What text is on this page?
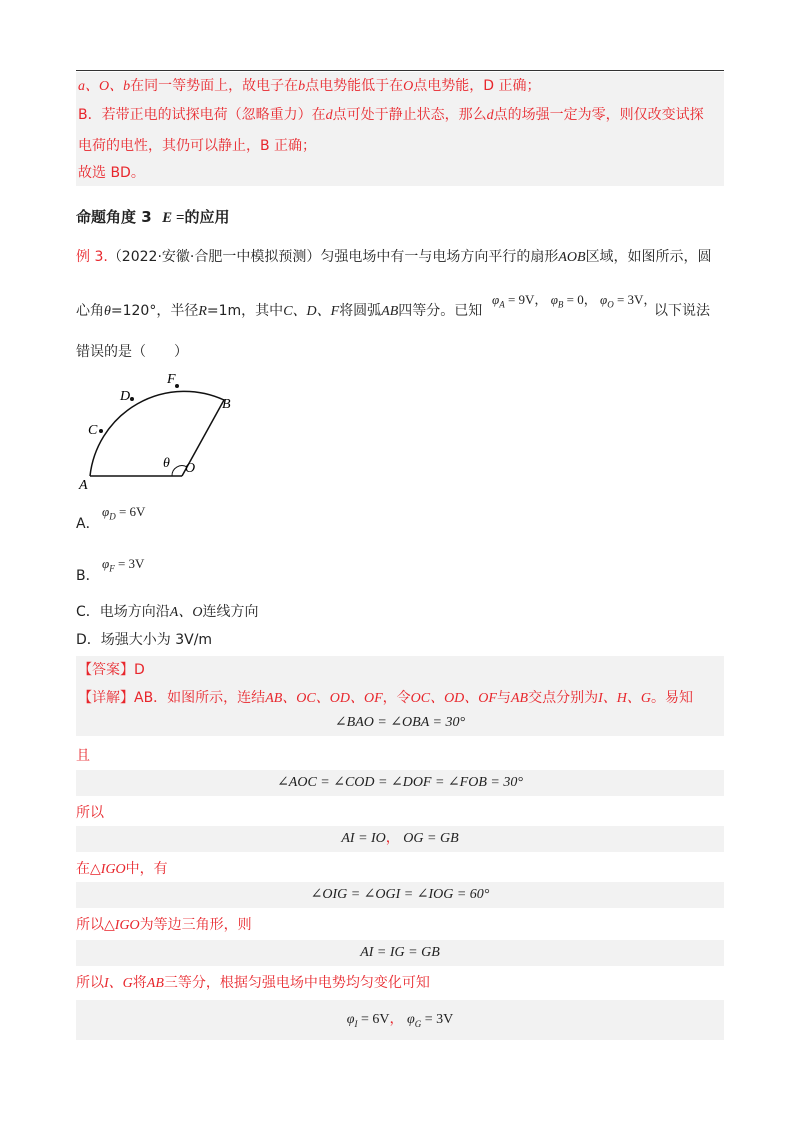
a、O、b在同一等势面上，故电子在b点电势能低于在O点电势能，D 正确；
B．若带正电的试探电荷（忽略重力）在d点可处于静止状态，那么d点的场强一定为零，则仅改变试探
电荷的电性，其仍可以静止，B 正确；
故选 BD。
命题角度 3 E =的应用
例 3.（2022·安徽·合肥一中模拟预测）匀强电场中有一与电场方向平行的扇形AOB区域，如图所示，圆
心角θ=120°，半径R=1m，其中C、D、F将圆弧AB四等分。已知
$\varphi_A = 9V$， $\varphi_B = 0$， $\varphi_O = 3V$，
以下说法
错误的是（　　）
A
B
C
D
F
O
θ
$\varphi_D = 6V$
A．
$\varphi_F = 3V$
B．
C．电场方向沿A、O连线方向
D．场强大小为 3V/m
【答案】D
【详解】AB．如图所示，连结AB、OC、OD、OF，令OC、OD、OF与AB交点分别为I、H、G。易知
∠BAO = ∠OBA = 30°
且
∠AOC = ∠COD = ∠DOF = ∠FOB = 30°
所以
AI = IO， OG = GB
在△IGO中，有
∠OIG = ∠OGI = ∠IOG = 60°
所以△IGO为等边三角形，则
AI = IG = GB
所以I、G将AB三等分，根据匀强电场中电势均匀变化可知
$\varphi_I = 6V$， $\varphi_G = 3V$
